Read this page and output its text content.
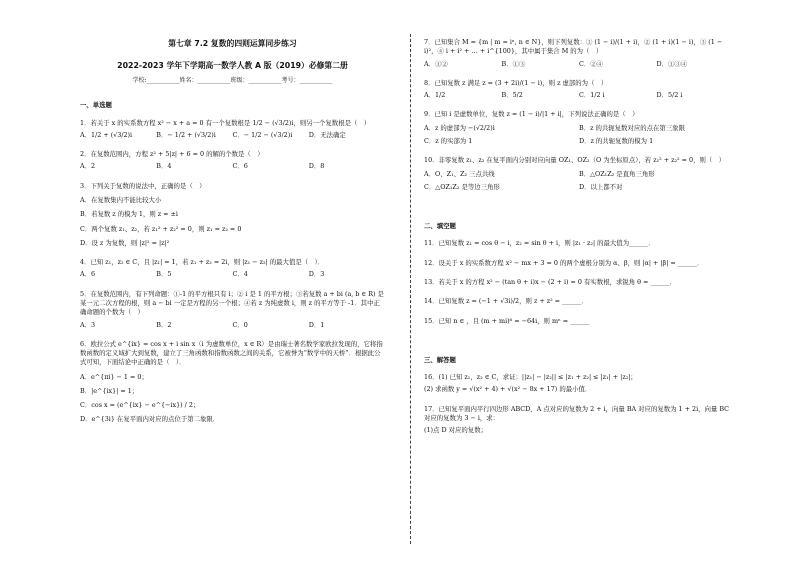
第七章 7.2 复数的四则运算同步练习
2022-2023 学年下学期高一数学人教 A 版（2019）必修第二册
学校:___________姓名：___________班级：___________考号：___________
一、单选题

1．若关于 x 的实系数方程 x² − x + a = 0 有一个复数根是 1/2 − (√3/2)i，则另一个复数根是（　）

A．1/2 + (√3/2)i	B．− 1/2 + (√3/2)i	C．− 1/2 − (√3/2)i	D．无法确定

2．在复数范围内，方程 z² + 5|z| + 6 = 0 的解的个数是（　）

A．2	B．4	C．6	D．8

3．下列关于复数的说法中，正确的是（　）

A．在复数集内不能比较大小
B．若复数 z 的模为 1，则 z = ±i
C．两个复数 z₁、z₂，若 z₁² + z₂² = 0，则 z₁ = z₂ = 0
D．设 z 为复数，则 |z|² = |z|²

4．已知 z₁，z₂ ∈ C，且 |z₁| = 1，若 z₁ + z₂ = 2i，则 |z₁ − z₂| 的最大值是（　）．

A．6	B．5	C．4	D．3

5．在复数范围内，有下列命题：①-1 的平方根只有 i；② i 是 1 的平方根；③若复数 a + bi (a, b ∈ R) 是某一元二次方程的根，则 a − bi 一定是方程的另一个根；④若 z 为纯虚数 i，则 z 的平方等于 -1．其中正确命题的个数为（　）

A．3	B．2	C．0	D．1

6．欧拉公式 e^{ix} = cos x + i sin x（i 为虚数单位，x ∈ R）是由瑞士著名数学家欧拉发现的，它将指数函数的定义域扩大到复数，建立了三角函数和指数函数之间的关系，它被誉为“数学中的天桥”．根据此公式可知，下面结论中正确的是（　）．

A．e^{πi} − 1 = 0；
B．|e^{ix}| = 1；
C．cos x = (e^{ix} − e^{−ix}) / 2；
D．e^{3i} 在复平面内对应的点位于第二象限．

7．已知集合 M = {m | m = iⁿ, n ∈ N}，则下列复数：① (1 − i)/(1 + i)，② (1 + i)(1 − i)，③ (1 − i)²，④ i + i² + … + i^{100}，其中属于集合 M 的为（　）

A．①②	B．①③	C．②④	D．①③④

8．已知复数 z 满足 z = (3 + 2i)/(1 − i)，则 z 虚部的为（　）

A．1/2	B．5/2	C．1/2 i	D．5/2 i

9．已知 i 是虚数单位，复数 z = (1 − i)/|1 + i|，下列说法正确的是（　）

A．z 的虚部为 −(√2/2)i	B．z 的共轭复数对应的点在第三象限
C．z 的实部为 1	D．z 的共轭复数的模为 1

10．非零复数 z₁、z₂ 在复平面内分别对应向量 OZ₁、OZ₂（O 为坐标原点），若 z₁² + z₂² = 0，则（　）

A．O、Z₁、Z₂ 三点共线	B．△OZ₁Z₂ 是直角三角形
C．△OZ₁Z₂ 是等边三角形	D．以上都不对
二、填空题
11．已知复数 z₁ = cos θ − i，z₂ = sin θ + i，则 |z₁ · z₂| 的最大值为______．
12．设关于 x 的实系数方程 x² − mx + 3 = 0 的两个虚根分别为 α、β，则 |α| + |β| = ______．
13．若关于 x 的方程 x² − (tan θ + i)x − (2 + i) = 0 有实数根，求锐角 θ = ______．
14．已知复数 z = (−1 + √3i)/2，则 z + z² = ______．
15．已知 n ∈ ，且 (m + mi)⁶ = −64i，则 mⁿ = ______
三、解答题

16．(1) 已知 z₁，z₂ ∈ C，求证：||z₁| − |z₂|| ≤ |z₁ + z₂| ≤ |z₁| + |z₂|；

(2) 求函数 y = √(x² + 4) + √(x² − 8x + 17) 的最小值．

17．已知复平面内平行四边形 ABCD，A 点对应的复数为 2 + i，向量 BA 对应的复数为 1 + 2i，向量 BC 对应的复数为 3 − i，求：

(1)点 D 对应的复数；
